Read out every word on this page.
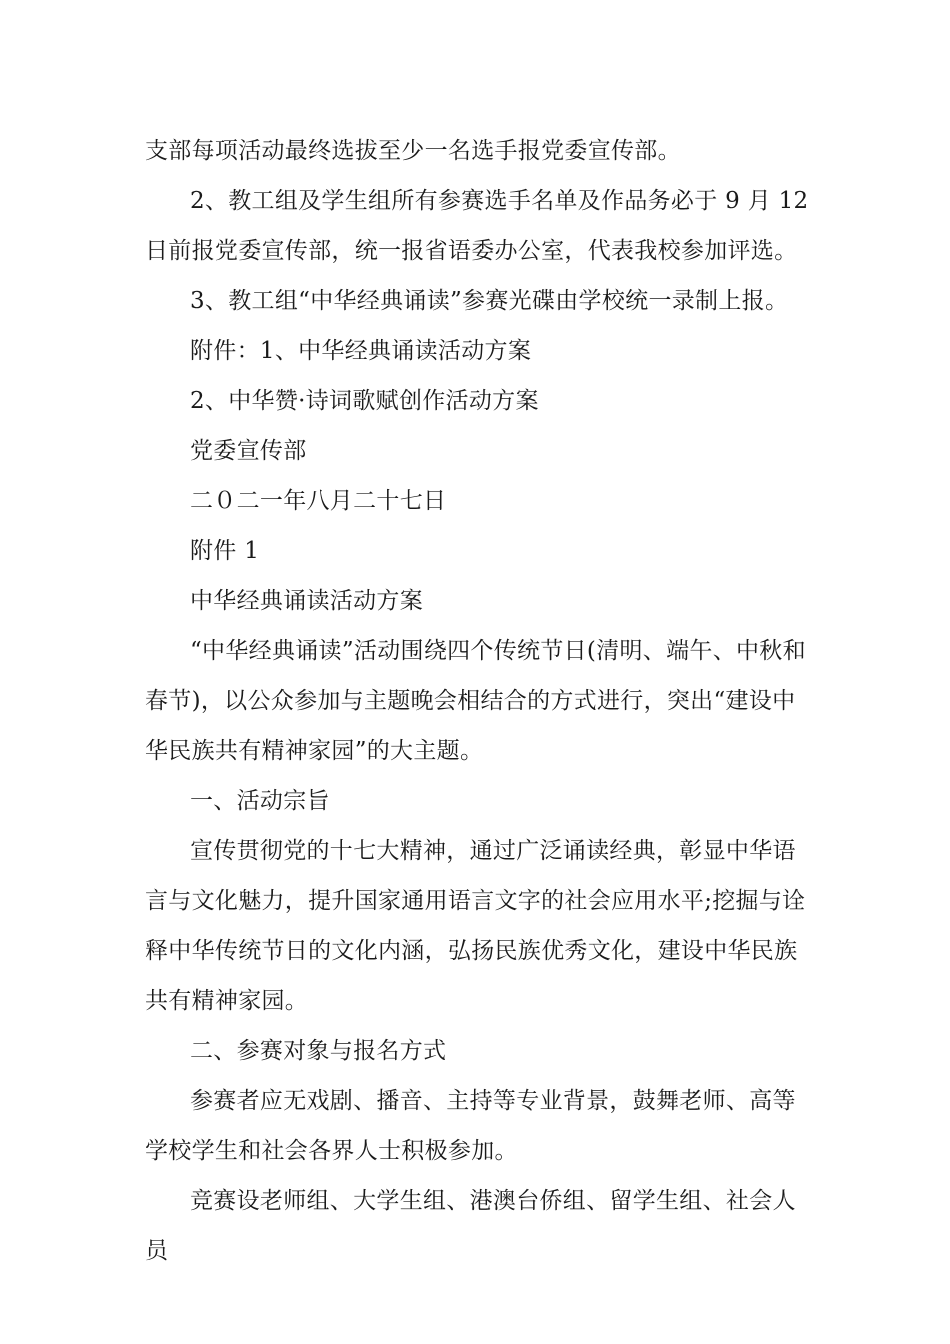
支部每项活动最终选拔至少一名选手报党委宣传部。

2、教工组及学生组所有参赛选手名单及作品务必于 9 月 12 日前报党委宣传部，统一报省语委办公室，代表我校参加评选。

3、教工组“中华经典诵读”参赛光碟由学校统一录制上报。

附件：1、中华经典诵读活动方案

2、中华赞·诗词歌赋创作活动方案

党委宣传部

二０二一年八月二十七日

附件 1

中华经典诵读活动方案

“中华经典诵读”活动围绕四个传统节日(清明、端午、中秋和春节)，以公众参加与主题晚会相结合的方式进行，突出“建设中华民族共有精神家园”的大主题。

一、活动宗旨

宣传贯彻党的十七大精神，通过广泛诵读经典，彰显中华语言与文化魅力，提升国家通用语言文字的社会应用水平;挖掘与诠释中华传统节日的文化内涵，弘扬民族优秀文化，建设中华民族共有精神家园。

二、参赛对象与报名方式

参赛者应无戏剧、播音、主持等专业背景，鼓舞老师、高等学校学生和社会各界人士积极参加。

竞赛设老师组、大学生组、港澳台侨组、留学生组、社会人员
